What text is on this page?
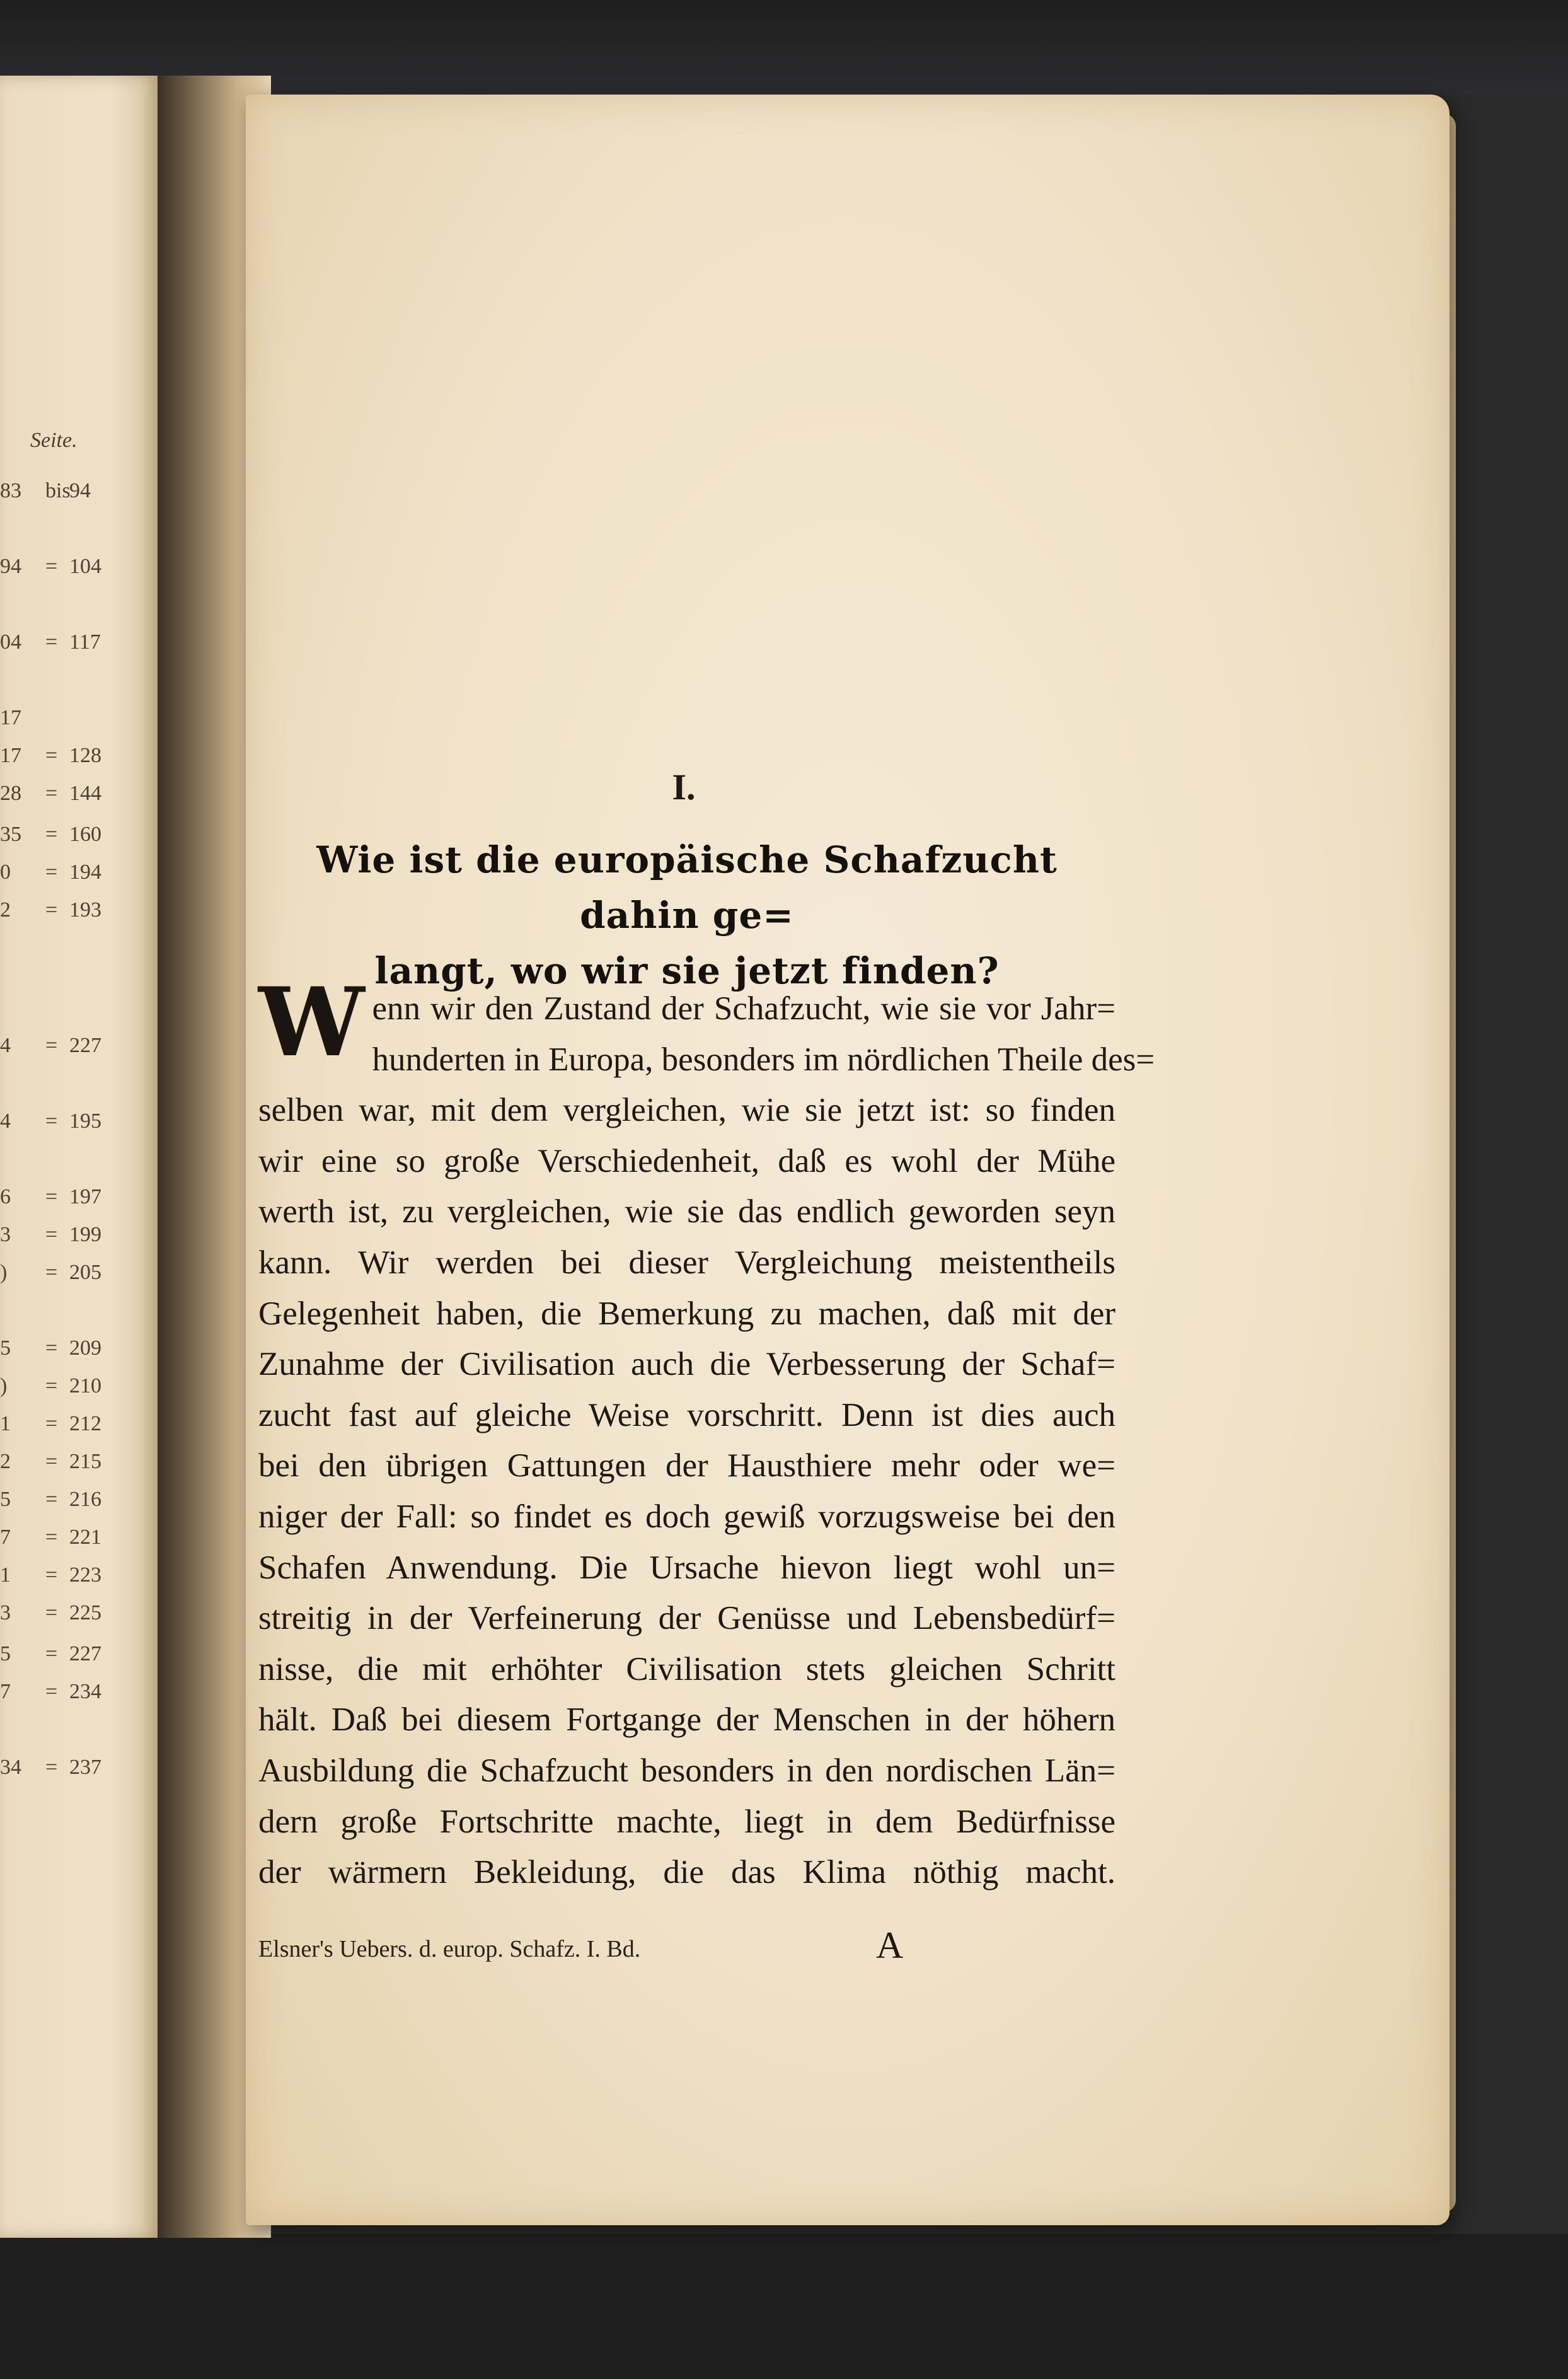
Seite.
83 bis
94
94 = 104
04 = 117
17
17 = 128
28 = 144
35 = 160
0 = 194
2 = 193
4 = 227
4 = 195
6 = 197
3 = 199
) = 205
5 = 209
) = 210
1 = 212
2 = 215
5 = 216
7 = 221
1 = 223
3 = 225
5 = 227
7 = 234
34 = 237
I.
Wie ist die europäische Schafzucht dahin ge=
langt, wo wir sie jetzt finden?
W enn wir den Zustand der Schafzucht, wie sie vor Jahr=
hunderten in Europa, besonders im nördlichen Theile des=
selben war, mit dem vergleichen, wie sie jetzt ist: so finden
wir eine so große Verschiedenheit, daß es wohl der Mühe
werth ist, zu vergleichen, wie sie das endlich geworden seyn
kann. Wir werden bei dieser Vergleichung meistentheils
Gelegenheit haben, die Bemerkung zu machen, daß mit der
Zunahme der Civilisation auch die Verbesserung der Schaf=
zucht fast auf gleiche Weise vorschritt. Denn ist dies auch
bei den übrigen Gattungen der Hausthiere mehr oder we=
niger der Fall: so findet es doch gewiß vorzugsweise bei den
Schafen Anwendung. Die Ursache hievon liegt wohl un=
streitig in der Verfeinerung der Genüsse und Lebensbedürf=
nisse, die mit erhöhter Civilisation stets gleichen Schritt
hält. Daß bei diesem Fortgange der Menschen in der höhern
Ausbildung die Schafzucht besonders in den nordischen Län=
dern große Fortschritte machte, liegt in dem Bedürfnisse
der wärmern Bekleidung, die das Klima nöthig macht.
Elsner's Uebers. d. europ. Schafz. I. Bd.	A
